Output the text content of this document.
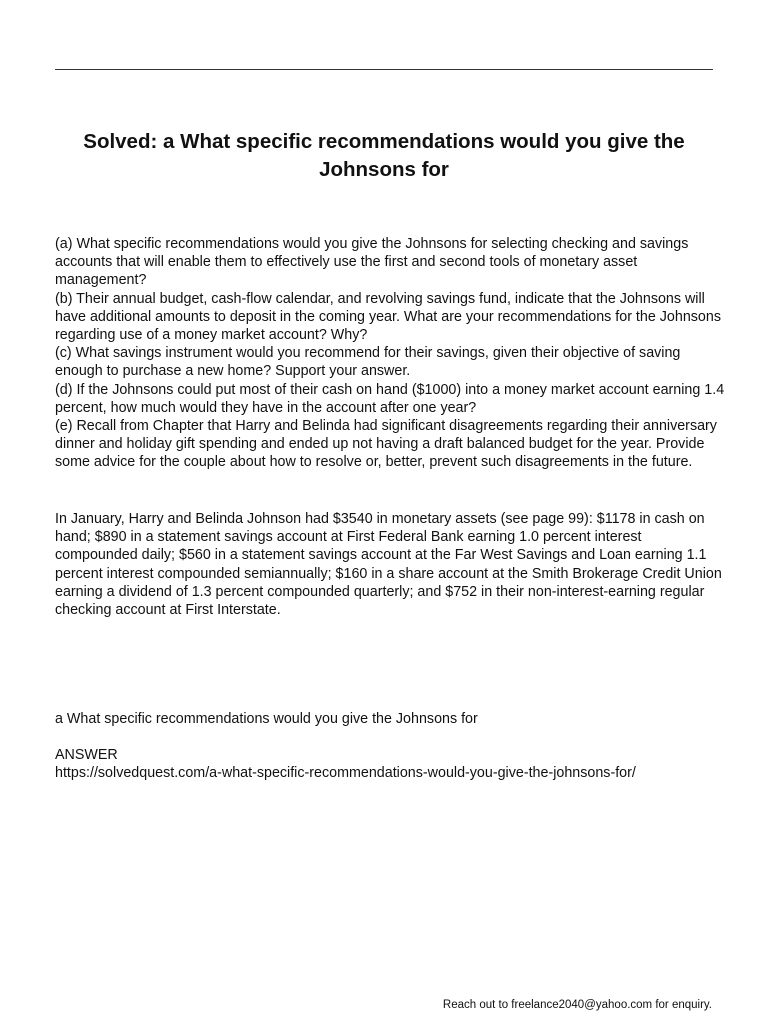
Solved: a What specific recommendations would you give the Johnsons for

(a) What specific recommendations would you give the Johnsons for selecting checking and savings accounts that will enable them to effectively use the first and second tools of monetary asset management?

(b) Their annual budget, cash-flow calendar, and revolving savings fund, indicate that the Johnsons will have additional amounts to deposit in the coming year. What are your recommendations for the Johnsons regarding use of a money market account? Why?

(c) What savings instrument would you recommend for their savings, given their objective of saving enough to purchase a new home? Support your answer.

(d) If the Johnsons could put most of their cash on hand ($1000) into a money market account earning 1.4 percent, how much would they have in the account after one year?

(e) Recall from Chapter that Harry and Belinda had significant disagreements regarding their anniversary dinner and holiday gift spending and ended up not having a draft balanced budget for the year. Provide some advice for the couple about how to resolve or, better, prevent such disagreements in the future.

In January, Harry and Belinda Johnson had $3540 in monetary assets (see page 99): $1178 in cash on hand; $890 in a statement savings account at First Federal Bank earning 1.0 percent interest compounded daily; $560 in a statement savings account at the Far West Savings and Loan earning 1.1 percent interest compounded semiannually; $160 in a share account at the Smith Brokerage Credit Union earning a dividend of 1.3 percent compounded quarterly; and $752 in their non-interest-earning regular checking account at First Interstate.

a What specific recommendations would you give the Johnsons for
ANSWER
https://solvedquest.com/a-what-specific-recommendations-would-you-give-the-johnsons-for/
Reach out to freelance2040@yahoo.com for enquiry.
